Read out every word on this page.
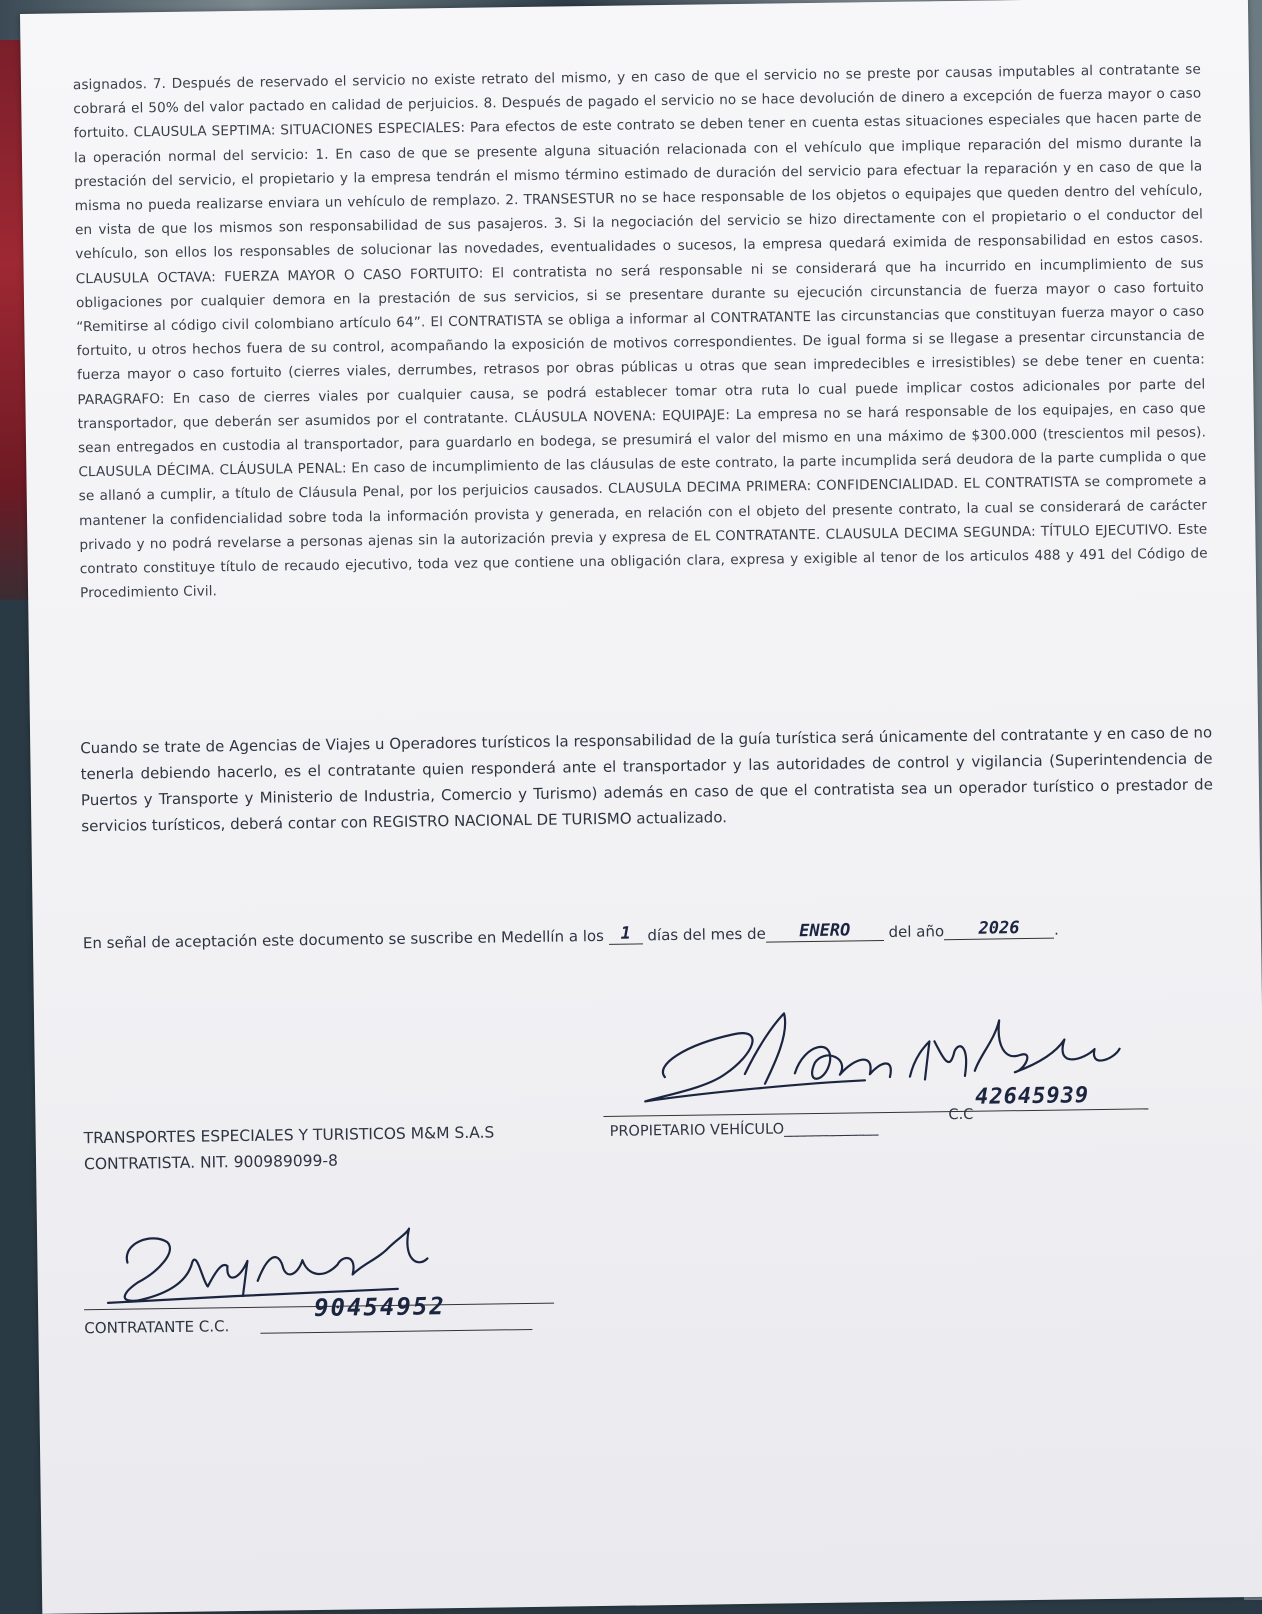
asignados. 7. Después de reservado el servicio no existe retrato del mismo, y en caso de que el servicio no se preste por causas imputables al contratante se cobrará el 50% del valor pactado en calidad de perjuicios. 8. Después de pagado el servicio no se hace devolución de dinero a excepción de fuerza mayor o caso fortuito. CLAUSULA SEPTIMA: SITUACIONES ESPECIALES: Para efectos de este contrato se deben tener en cuenta estas situaciones especiales que hacen parte de la operación normal del servicio: 1. En caso de que se presente alguna situación relacionada con el vehículo que implique reparación del mismo durante la prestación del servicio, el propietario y la empresa tendrán el mismo término estimado de duración del servicio para efectuar la reparación y en caso de que la misma no pueda realizarse enviara un vehículo de remplazo. 2. TRANSESTUR no se hace responsable de los objetos o equipajes que queden dentro del vehículo, en vista de que los mismos son responsabilidad de sus pasajeros. 3. Si la negociación del servicio se hizo directamente con el propietario o el conductor del vehículo, son ellos los responsables de solucionar las novedades, eventualidades o sucesos, la empresa quedará eximida de responsabilidad en estos casos. CLAUSULA OCTAVA: FUERZA MAYOR O CASO FORTUITO: El contratista no será responsable ni se considerará que ha incurrido en incumplimiento de sus obligaciones por cualquier demora en la prestación de sus servicios, si se presentare durante su ejecución circunstancia de fuerza mayor o caso fortuito “Remitirse al código civil colombiano artículo 64”. El CONTRATISTA se obliga a informar al CONTRATANTE las circunstancias que constituyan fuerza mayor o caso fortuito, u otros hechos fuera de su control, acompañando la exposición de motivos correspondientes. De igual forma si se llegase a presentar circunstancia de fuerza mayor o caso fortuito (cierres viales, derrumbes, retrasos por obras públicas u otras que sean impredecibles e irresistibles) se debe tener en cuenta: PARAGRAFO: En caso de cierres viales por cualquier causa, se podrá establecer tomar otra ruta lo cual puede implicar costos adicionales por parte del transportador, que deberán ser asumidos por el contratante. CLÁUSULA NOVENA: EQUIPAJE: La empresa no se hará responsable de los equipajes, en caso que sean entregados en custodia al transportador, para guardarlo en bodega, se presumirá el valor del mismo en una máximo de $300.000 (trescientos mil pesos). CLAUSULA DÉCIMA. CLÁUSULA PENAL: En caso de incumplimiento de las cláusulas de este contrato, la parte incumplida será deudora de la parte cumplida o que se allanó a cumplir, a título de Cláusula Penal, por los perjuicios causados. CLAUSULA DECIMA PRIMERA: CONFIDENCIALIDAD. EL CONTRATISTA se compromete a mantener la confidencialidad sobre toda la información provista y generada, en relación con el objeto del presente contrato, la cual se considerará de carácter privado y no podrá revelarse a personas ajenas sin la autorización previa y expresa de EL CONTRATANTE. CLAUSULA DECIMA SEGUNDA: TÍTULO EJECUTIVO. Este contrato constituye título de recaudo ejecutivo, toda vez que contiene una obligación clara, expresa y exigible al tenor de los articulos 488 y 491 del Código de Procedimiento Civil.
Cuando se trate de Agencias de Viajes u Operadores turísticos la responsabilidad de la guía turística será únicamente del contratante y en caso de no tenerla debiendo hacerlo, es el contratante quien responderá ante el transportador y las autoridades de control y vigilancia (Superintendencia de Puertos y Transporte y Ministerio de Industria, Comercio y Turismo) además en caso de que el contratista sea un operador turístico o prestador de servicios turísticos, deberá contar con REGISTRO NACIONAL DE TURISMO actualizado.
En señal de aceptación este documento se suscribe en Medellín a los 1 días del mes de ENERO	del año 2026 .
TRANSPORTES ESPECIALES Y TURISTICOS M&M S.A.S
CONTRATISTA. NIT. 900989099-8
PROPIETARIO VEHÍCULO_____________
C.C
42645939
CONTRATANTE C.C.
90454952
